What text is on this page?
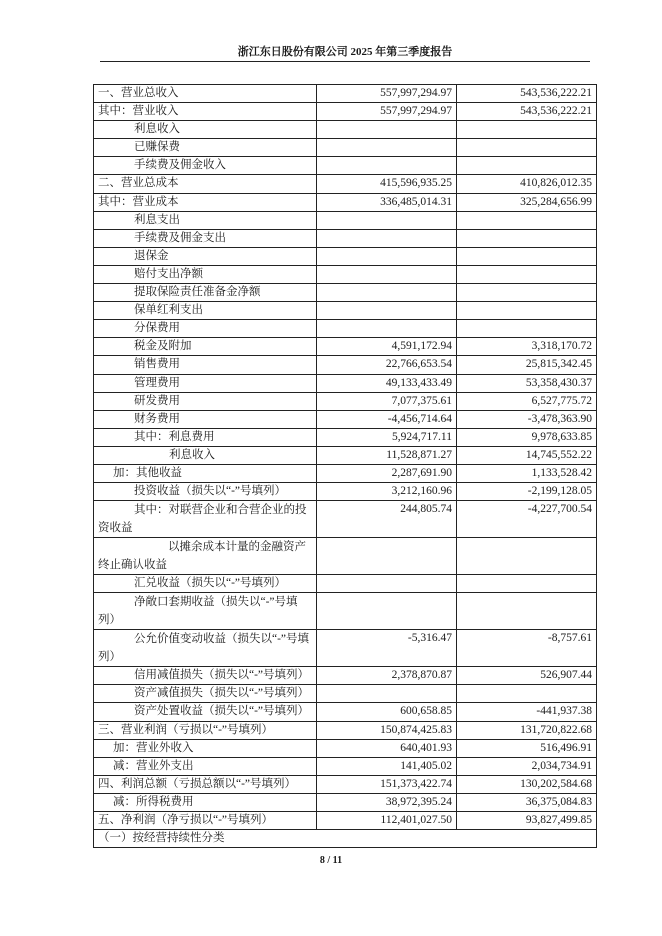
浙江东日股份有限公司 2025 年第三季度报告
一、营业总收入	557,997,294.97	543,536,222.21
其中：营业收入	557,997,294.97	543,536,222.21
利息收入		
已赚保费		
手续费及佣金收入		
二、营业总成本	415,596,935.25	410,826,012.35
其中：营业成本	336,485,014.31	325,284,656.99
利息支出		
手续费及佣金支出		
退保金		
赔付支出净额		
提取保险责任准备金净额		
保单红利支出		
分保费用		
税金及附加	4,591,172.94	3,318,170.72
销售费用	22,766,653.54	25,815,342.45
管理费用	49,133,433.49	53,358,430.37
研发费用	7,077,375.61	6,527,775.72
财务费用	-4,456,714.64	-3,478,363.90
其中：利息费用	5,924,717.11	9,978,633.85
利息收入	11,528,871.27	14,745,552.22
加：其他收益	2,287,691.90	1,133,528.42
投资收益（损失以“-”号填列）	3,212,160.96	-2,199,128.05
其中：对联营企业和合营企业的投资收益	244,805.74	-4,227,700.54
以摊余成本计量的金融资产终止确认收益		
汇兑收益（损失以“-”号填列）		
净敞口套期收益（损失以“-”号填列）		
公允价值变动收益（损失以“-”号填列）	-5,316.47	-8,757.61
信用减值损失（损失以“-”号填列）	2,378,870.87	526,907.44
资产减值损失（损失以“-”号填列）		
资产处置收益（损失以“-”号填列）	600,658.85	-441,937.38
三、营业利润（亏损以“-”号填列）	150,874,425.83	131,720,822.68
加：营业外收入	640,401.93	516,496.91
减：营业外支出	141,405.02	2,034,734.91
四、利润总额（亏损总额以“-”号填列）	151,373,422.74	130,202,584.68
减：所得税费用	38,972,395.24	36,375,084.83
五、净利润（净亏损以“-”号填列）	112,401,027.50	93,827,499.85
（一）按经营持续性分类		
8 / 11
